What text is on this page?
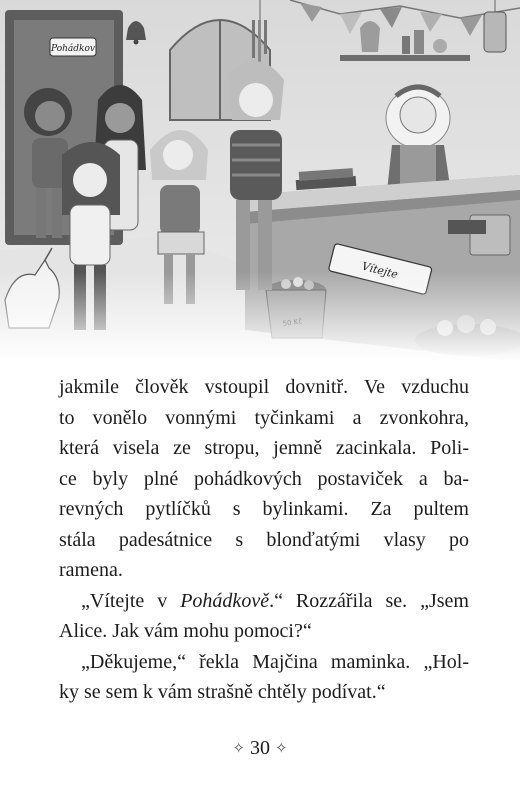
jakmile člověk vstoupil dovnitř. Ve vzduchu
to vonělo vonnými tyčinkami a zvonkohra,
která visela ze stropu, jemně zacinkala. Poli-
ce byly plné pohádkových postaviček a ba-
revných pytlíčků s bylinkami. Za pultem
stála padesátnice s blonďatými vlasy po
ramena.

„Vítejte v Pohádkově.“ Rozzářila se. „Jsem
Alice. Jak vám mohu pomoci?“

„Děkujeme,“ řekla Majčina maminka. „Hol-
ky se sem k vám strašně chtěly podívat.“

✧ 30 ✧
